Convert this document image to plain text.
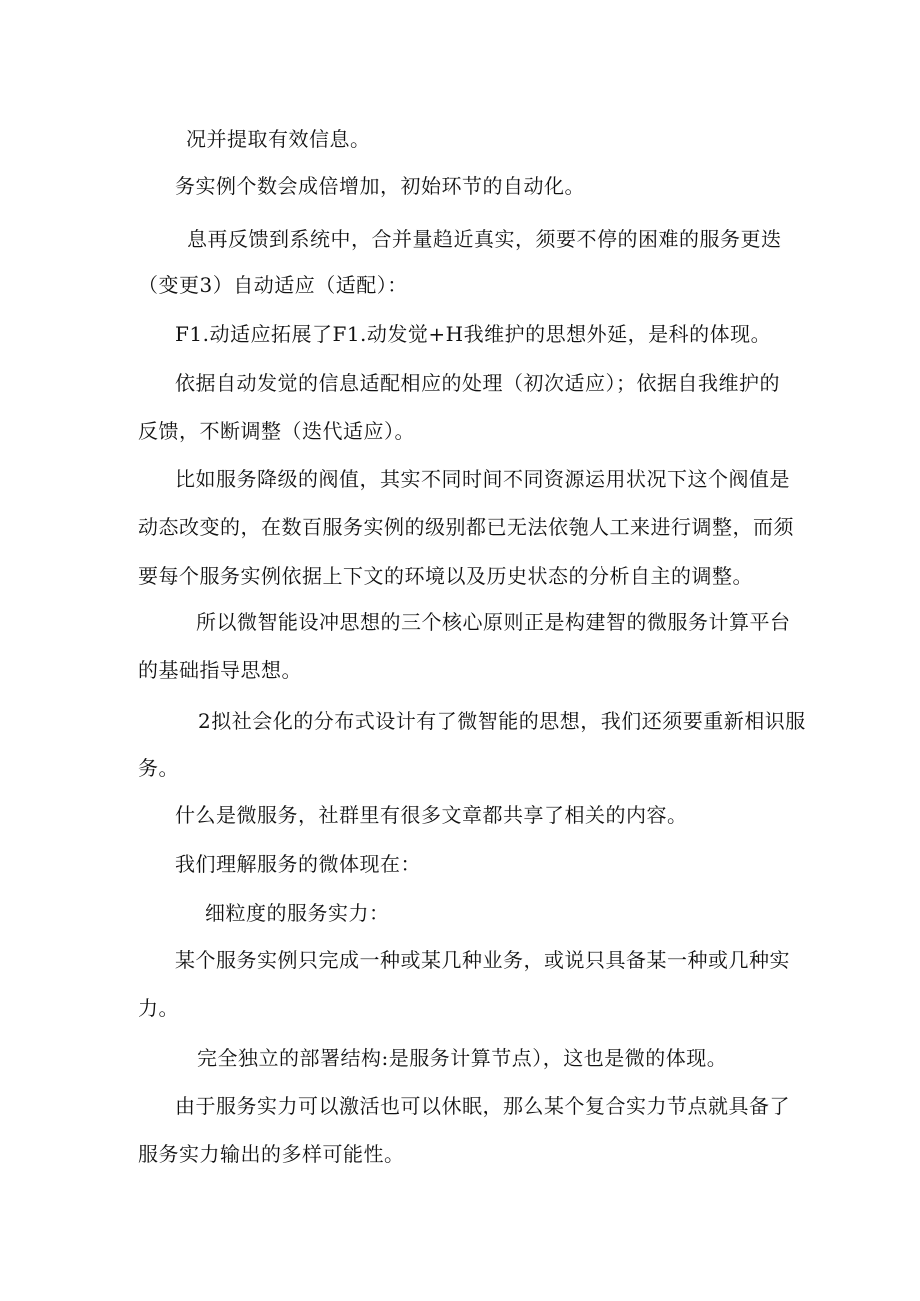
况并提取有效信息。
务实例个数会成倍增加，初始环节的自动化。
息再反馈到系统中，合并量趋近真实，须要不停的困难的服务更迭
（变更3）自动适应（适配）：
F1.动适应拓展了F1.动发觉+H我维护的思想外延，是科的体现。
依据自动发觉的信息适配相应的处理（初次适应）；依据自我维护的
反馈，不断调整（迭代适应）。
比如服务降级的阀值，其实不同时间不同资源运用状况下这个阀值是
动态改变的，在数百服务实例的级别都已无法依匏人工来进行调整，而须
要每个服务实例依据上下文的环境以及历史状态的分析自主的调整。
所以微智能设冲思想的三个核心原则正是构建智的微服务计算平台
的基础指导思想。
2拟社会化的分布式设计有了微智能的思想，我们还须要重新相识服
务。
什么是微服务，社群里有很多文章都共享了相关的内容。
我们理解服务的微体现在：
细粒度的服务实力：
某个服务实例只完成一种或某几种业务，或说只具备某一种或几种实
力。
完全独立的部署结构:是服务计算节点），这也是微的体现。
由于服务实力可以激活也可以休眠，那么某个复合实力节点就具备了
服务实力输出的多样可能性。
